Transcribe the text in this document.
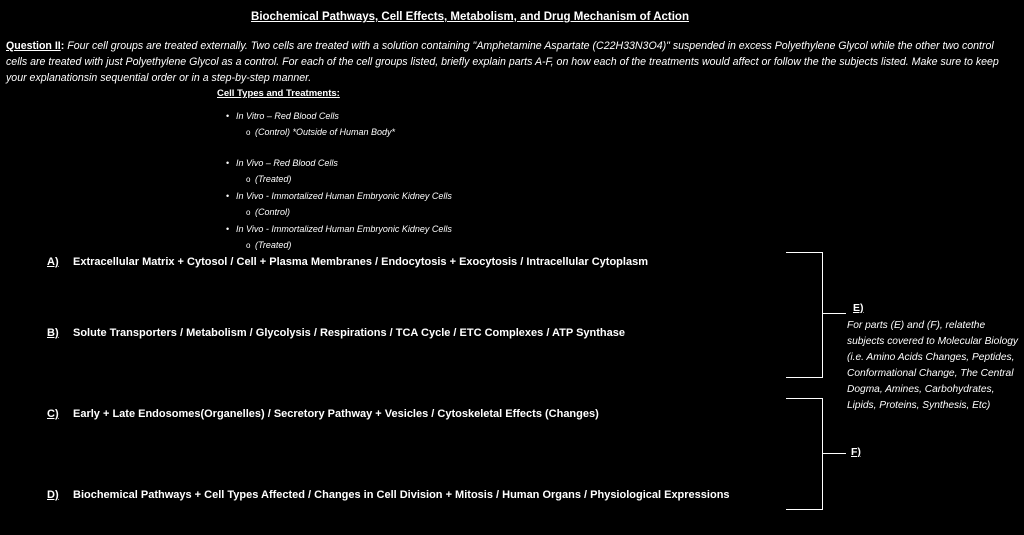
Biochemical Pathways, Cell Effects, Metabolism, and Drug Mechanism of Action
Question II: Four cell groups are treated externally. Two cells are treated with a solution containing "Amphetamine Aspartate (C22H33N3O4)" suspended in excess Polyethylene Glycol while the other two control cells are treated with just Polyethylene Glycol as a control. For each of the cell groups listed, briefly explain parts A-F, on how each of the treatments would affect or follow the the subjects listed. Make sure to keep your explanationsin sequential order or in a step-by-step manner.
Cell Types and Treatments:
• In Vitro – Red Blood Cells
o (Control) *Outside of Human Body*
• In Vivo – Red Blood Cells
o (Treated)
• In Vivo - Immortalized Human Embryonic Kidney Cells
o (Control)
• In Vivo - Immortalized Human Embryonic Kidney Cells
o (Treated)
A) Extracellular Matrix + Cytosol / Cell + Plasma Membranes / Endocytosis + Exocytosis / Intracellular Cytoplasm
B) Solute Transporters / Metabolism / Glycolysis / Respirations / TCA Cycle / ETC Complexes / ATP Synthase
C) Early + Late Endosomes(Organelles) / Secretory Pathway + Vesicles / Cytoskeletal Effects (Changes)
D) Biochemical Pathways + Cell Types Affected / Changes in Cell Division + Mitosis / Human Organs / Physiological Expressions
E)
F)
For parts (E) and (F), relatethe subjects covered to Molecular Biology (i.e. Amino Acids Changes, Peptides, Conformational Change, The Central Dogma, Amines, Carbohydrates, Lipids, Proteins, Synthesis, Etc)
